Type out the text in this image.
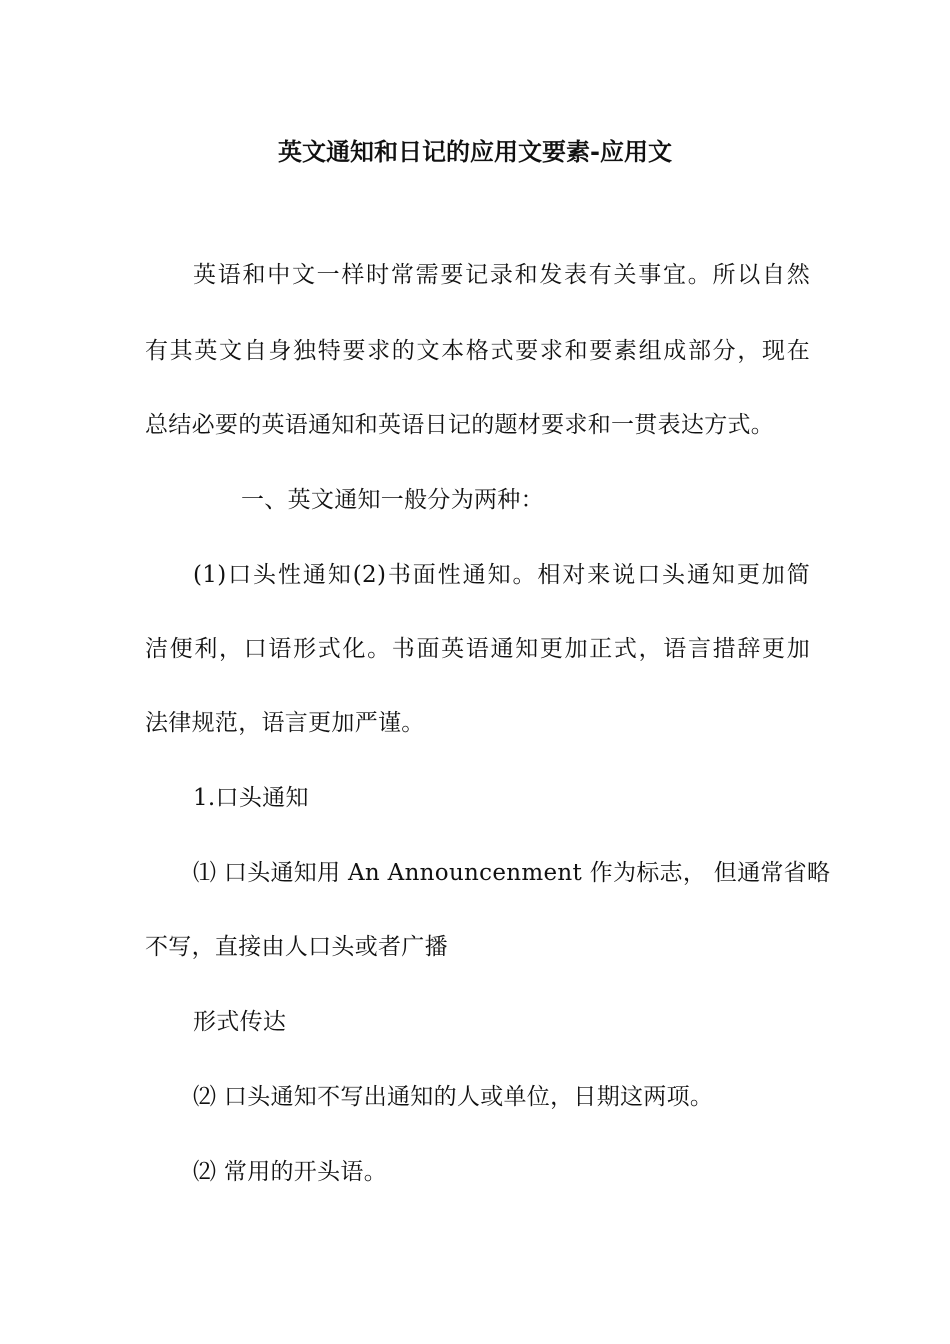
英文通知和日记的应用文要素-应用文
英语和中文一样时常需要记录和发表有关事宜。所以自然
有其英文自身独特要求的文本格式要求和要素组成部分，现在
总结必要的英语通知和英语日记的题材要求和一贯表达方式。
一、英文通知一般分为两种：
(1)口头性通知(2)书面性通知。相对来说口头通知更加简
洁便利，口语形式化。书面英语通知更加正式，语言措辞更加
法律规范，语言更加严谨。
1.口头通知
⑴ 口头通知用 An Announcenment 作为标志， 但通常省略
不写，直接由人口头或者广播
形式传达
⑵ 口头通知不写出通知的人或单位，日期这两项。
⑵ 常用的开头语。
